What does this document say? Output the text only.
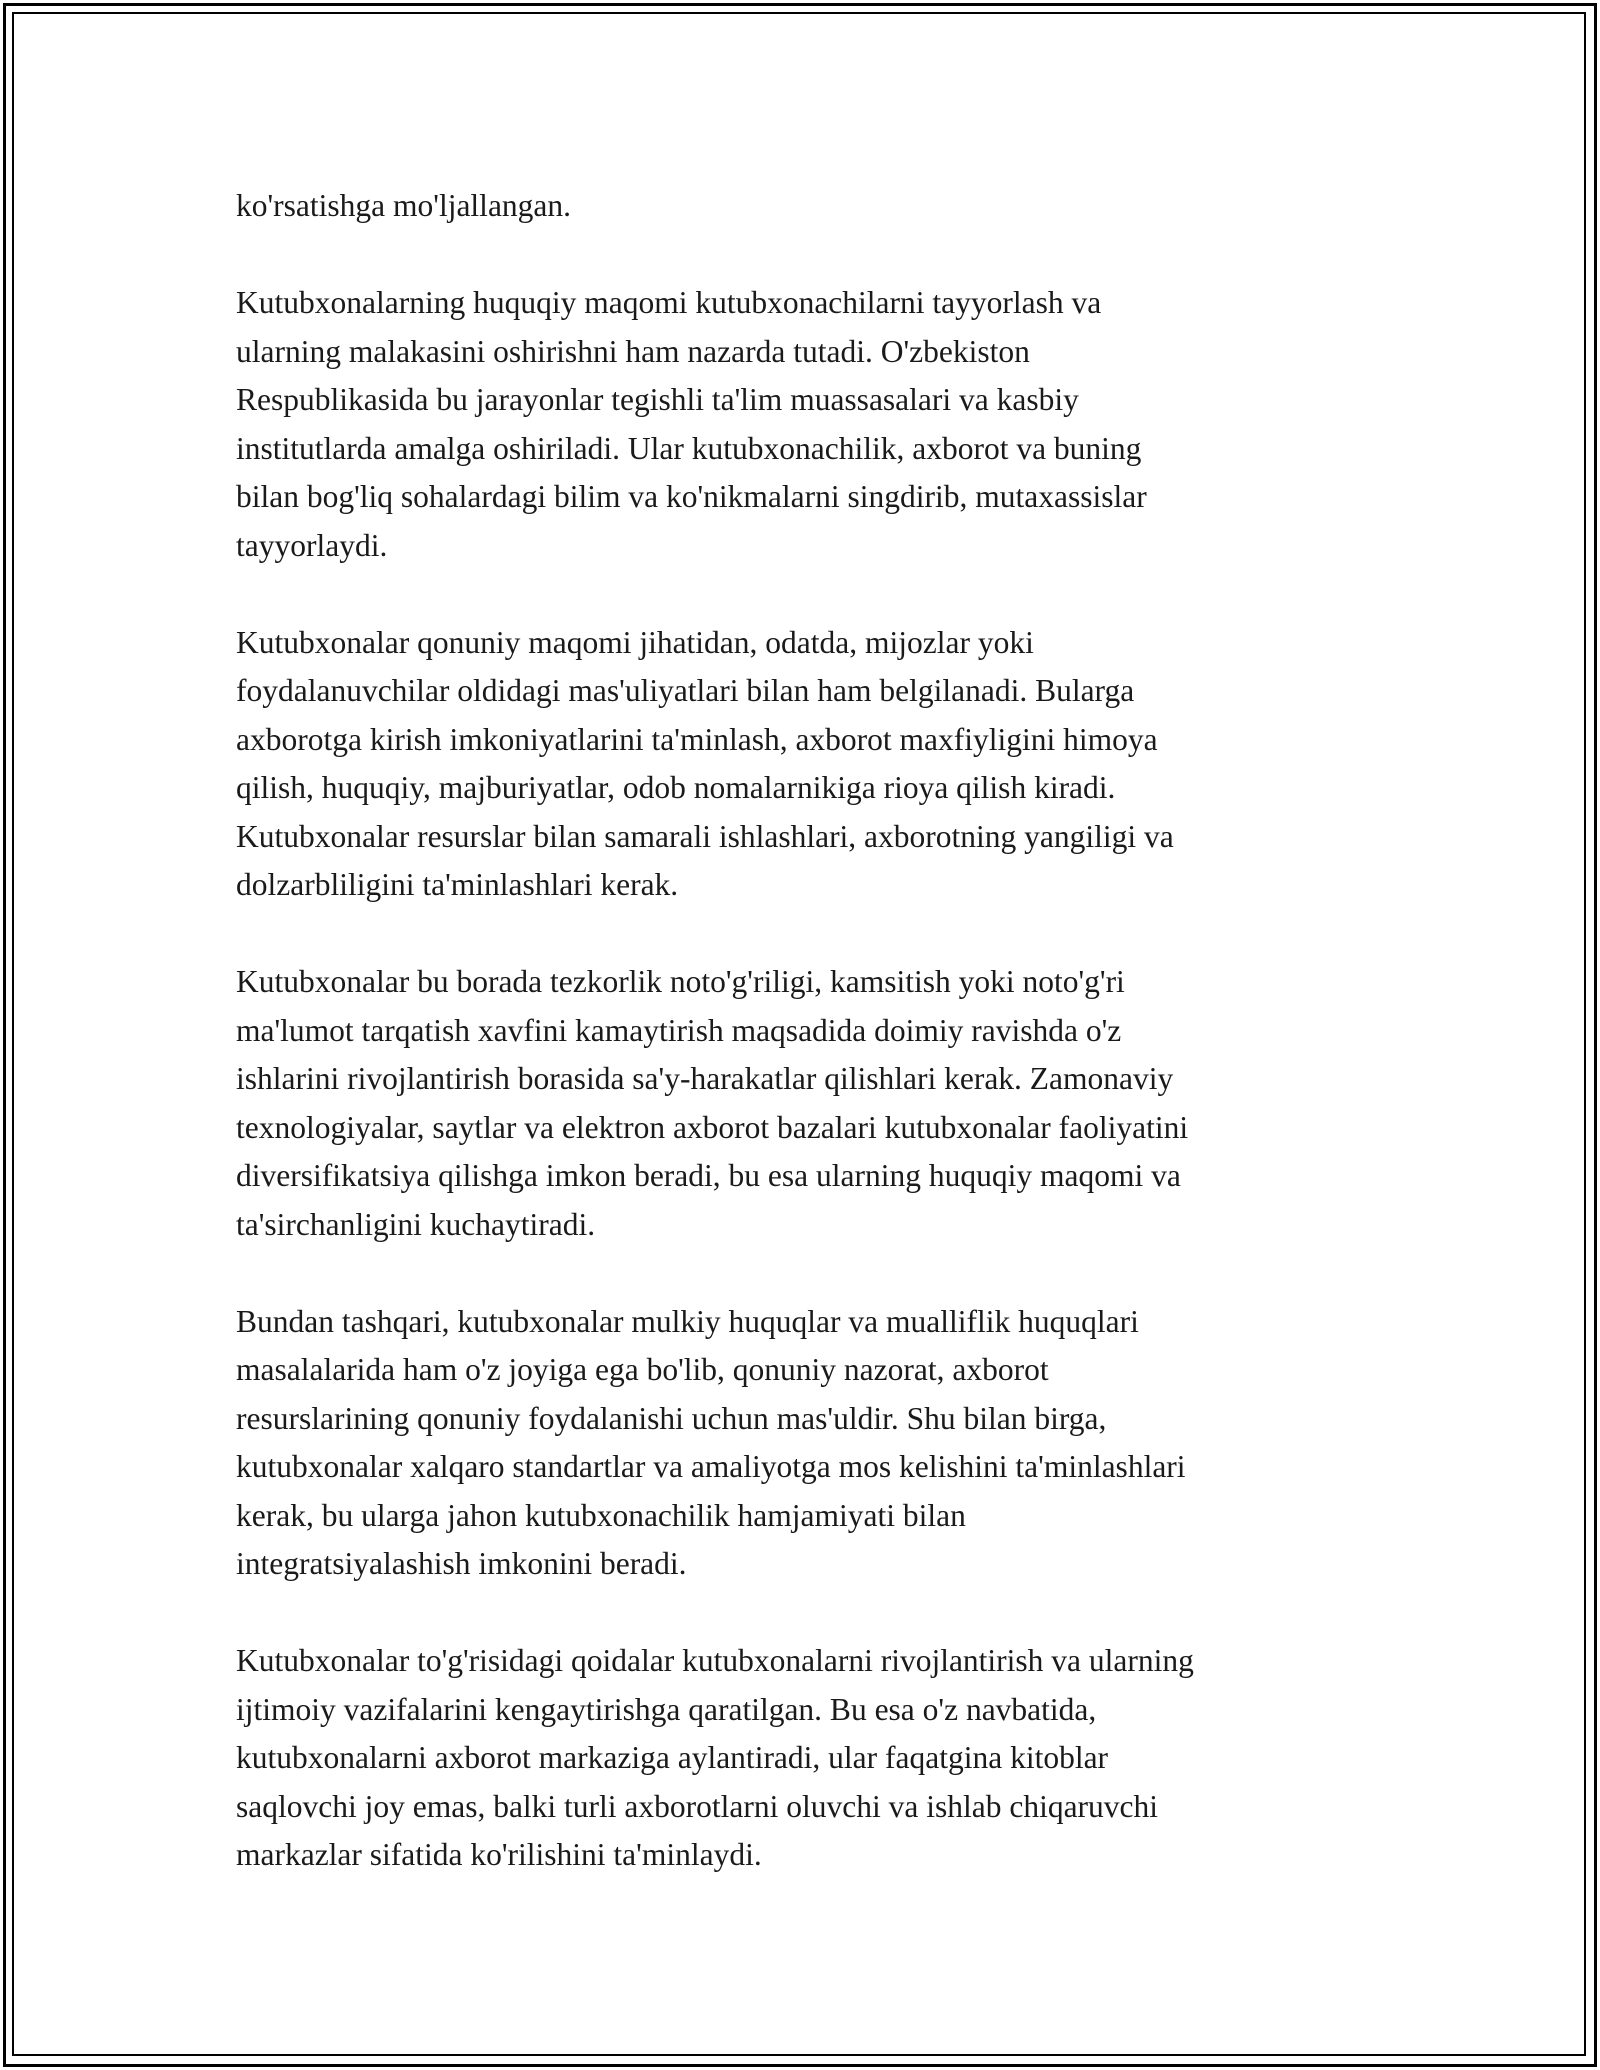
ko'rsatishga mo'ljallangan.

Kutubxonalarning huquqiy maqomi kutubxonachilarni tayyorlash va
ularning malakasini oshirishni ham nazarda tutadi. O'zbekiston
Respublikasida bu jarayonlar tegishli ta'lim muassasalari va kasbiy
institutlarda amalga oshiriladi. Ular kutubxonachilik, axborot va buning
bilan bog'liq sohalardagi bilim va ko'nikmalarni singdirib, mutaxassislar
tayyorlaydi.

Kutubxonalar qonuniy maqomi jihatidan, odatda, mijozlar yoki
foydalanuvchilar oldidagi mas'uliyatlari bilan ham belgilanadi. Bularga
axborotga kirish imkoniyatlarini ta'minlash, axborot maxfiyligini himoya
qilish, huquqiy, majburiyatlar, odob nomalarnikiga rioya qilish kiradi.
Kutubxonalar resurslar bilan samarali ishlashlari, axborotning yangiligi va
dolzarbliligini ta'minlashlari kerak.

Kutubxonalar bu borada tezkorlik noto'g'riligi, kamsitish yoki noto'g'ri
ma'lumot tarqatish xavfini kamaytirish maqsadida doimiy ravishda o'z
ishlarini rivojlantirish borasida sa'y-harakatlar qilishlari kerak. Zamonaviy
texnologiyalar, saytlar va elektron axborot bazalari kutubxonalar faoliyatini
diversifikatsiya qilishga imkon beradi, bu esa ularning huquqiy maqomi va
ta'sirchanligini kuchaytiradi.

Bundan tashqari, kutubxonalar mulkiy huquqlar va mualliflik huquqlari
masalalarida ham o'z joyiga ega bo'lib, qonuniy nazorat, axborot
resurslarining qonuniy foydalanishi uchun mas'uldir. Shu bilan birga,
kutubxonalar xalqaro standartlar va amaliyotga mos kelishini ta'minlashlari
kerak, bu ularga jahon kutubxonachilik hamjamiyati bilan
integratsiyalashish imkonini beradi.

Kutubxonalar to'g'risidagi qoidalar kutubxonalarni rivojlantirish va ularning
ijtimoiy vazifalarini kengaytirishga qaratilgan. Bu esa o'z navbatida,
kutubxonalarni axborot markaziga aylantiradi, ular faqatgina kitoblar
saqlovchi joy emas, balki turli axborotlarni oluvchi va ishlab chiqaruvchi
markazlar sifatida ko'rilishini ta'minlaydi.
